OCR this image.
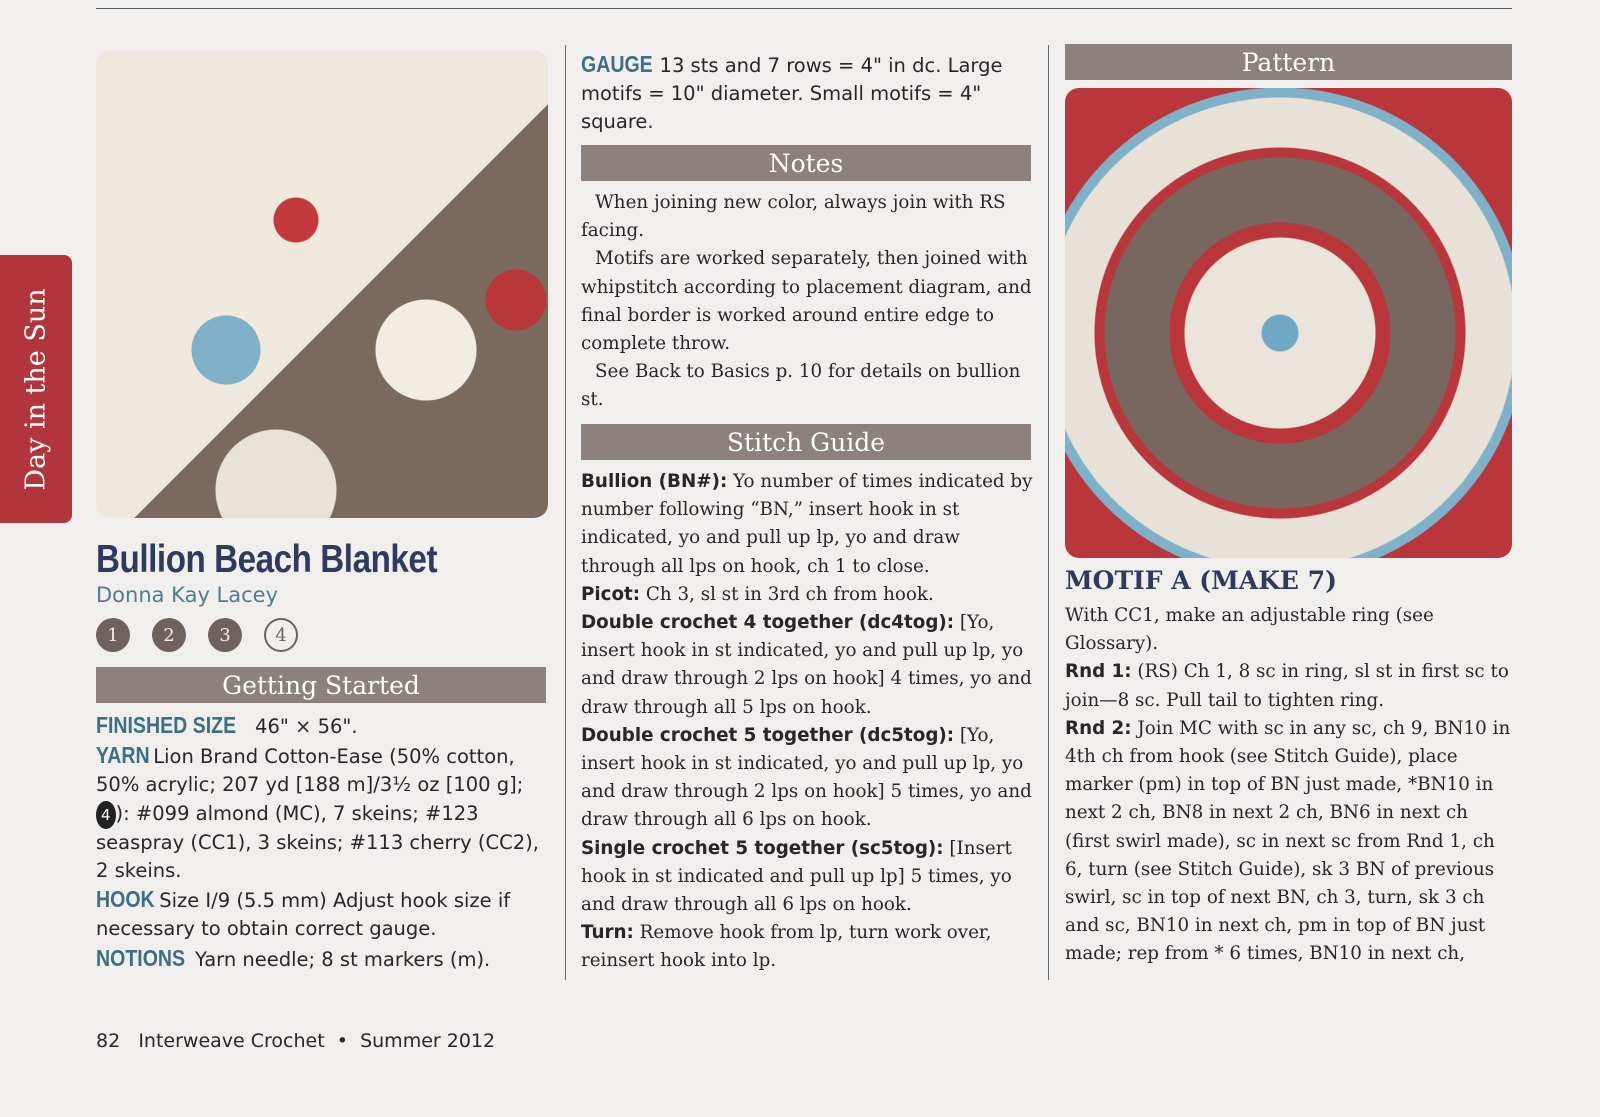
Day in the Sun
Bullion Beach Blanket
Donna Kay Lacey
1	2	3	4
Getting Started
FINISHED SIZE 46" × 56".
YARN Lion Brand Cotton-Ease (50% cotton, 50% acrylic; 207 yd [188 m]/3½ oz [100 g]; 4 ): #099 almond (MC), 7 skeins; #123 seaspray (CC1), 3 skeins; #113 cherry (CC2), 2 skeins.
HOOK Size I/9 (5.5 mm) Adjust hook size if necessary to obtain correct gauge.
NOTIONS Yarn needle; 8 st markers (m).
GAUGE 13 sts and 7 rows = 4" in dc. Large motifs = 10" diameter. Small motifs = 4" square.
Notes

When joining new color, always join with RS facing.

Motifs are worked separately, then joined with whipstitch according to placement diagram, and final border is worked around entire edge to complete throw.

See Back to Basics p. 10 for details on bullion st.

Stitch Guide

Bullion (BN#): Yo number of times indicated by number following “BN,” insert hook in st indicated, yo and pull up lp, yo and draw through all lps on hook, ch 1 to close.

Picot: Ch 3, sl st in 3rd ch from hook.

Double crochet 4 together (dc4tog): [Yo, insert hook in st indicated, yo and pull up lp, yo and draw through 2 lps on hook] 4 times, yo and draw through all 5 lps on hook.

Double crochet 5 together (dc5tog): [Yo, insert hook in st indicated, yo and pull up lp, yo and draw through 2 lps on hook] 5 times, yo and draw through all 6 lps on hook.

Single crochet 5 together (sc5tog): [Insert hook in st indicated and pull up lp] 5 times, yo and draw through all 6 lps on hook.

Turn: Remove hook from lp, turn work over, reinsert hook into lp.

Pattern
MOTIF A (MAKE 7)

With CC1, make an adjustable ring (see Glossary).

Rnd 1: (RS) Ch 1, 8 sc in ring, sl st in first sc to join—8 sc. Pull tail to tighten ring.

Rnd 2: Join MC with sc in any sc, ch 9, BN10 in 4th ch from hook (see Stitch Guide), place marker (pm) in top of BN just made, *BN10 in next 2 ch, BN8 in next 2 ch, BN6 in next ch (first swirl made), sc in next sc from Rnd 1, ch 6, turn (see Stitch Guide), sk 3 BN of previous swirl, sc in top of next BN, ch 3, turn, sk 3 ch and sc, BN10 in next ch, pm in top of BN just made; rep from * 6 times, BN10 in next ch,

82 Interweave Crochet • Summer 2012
